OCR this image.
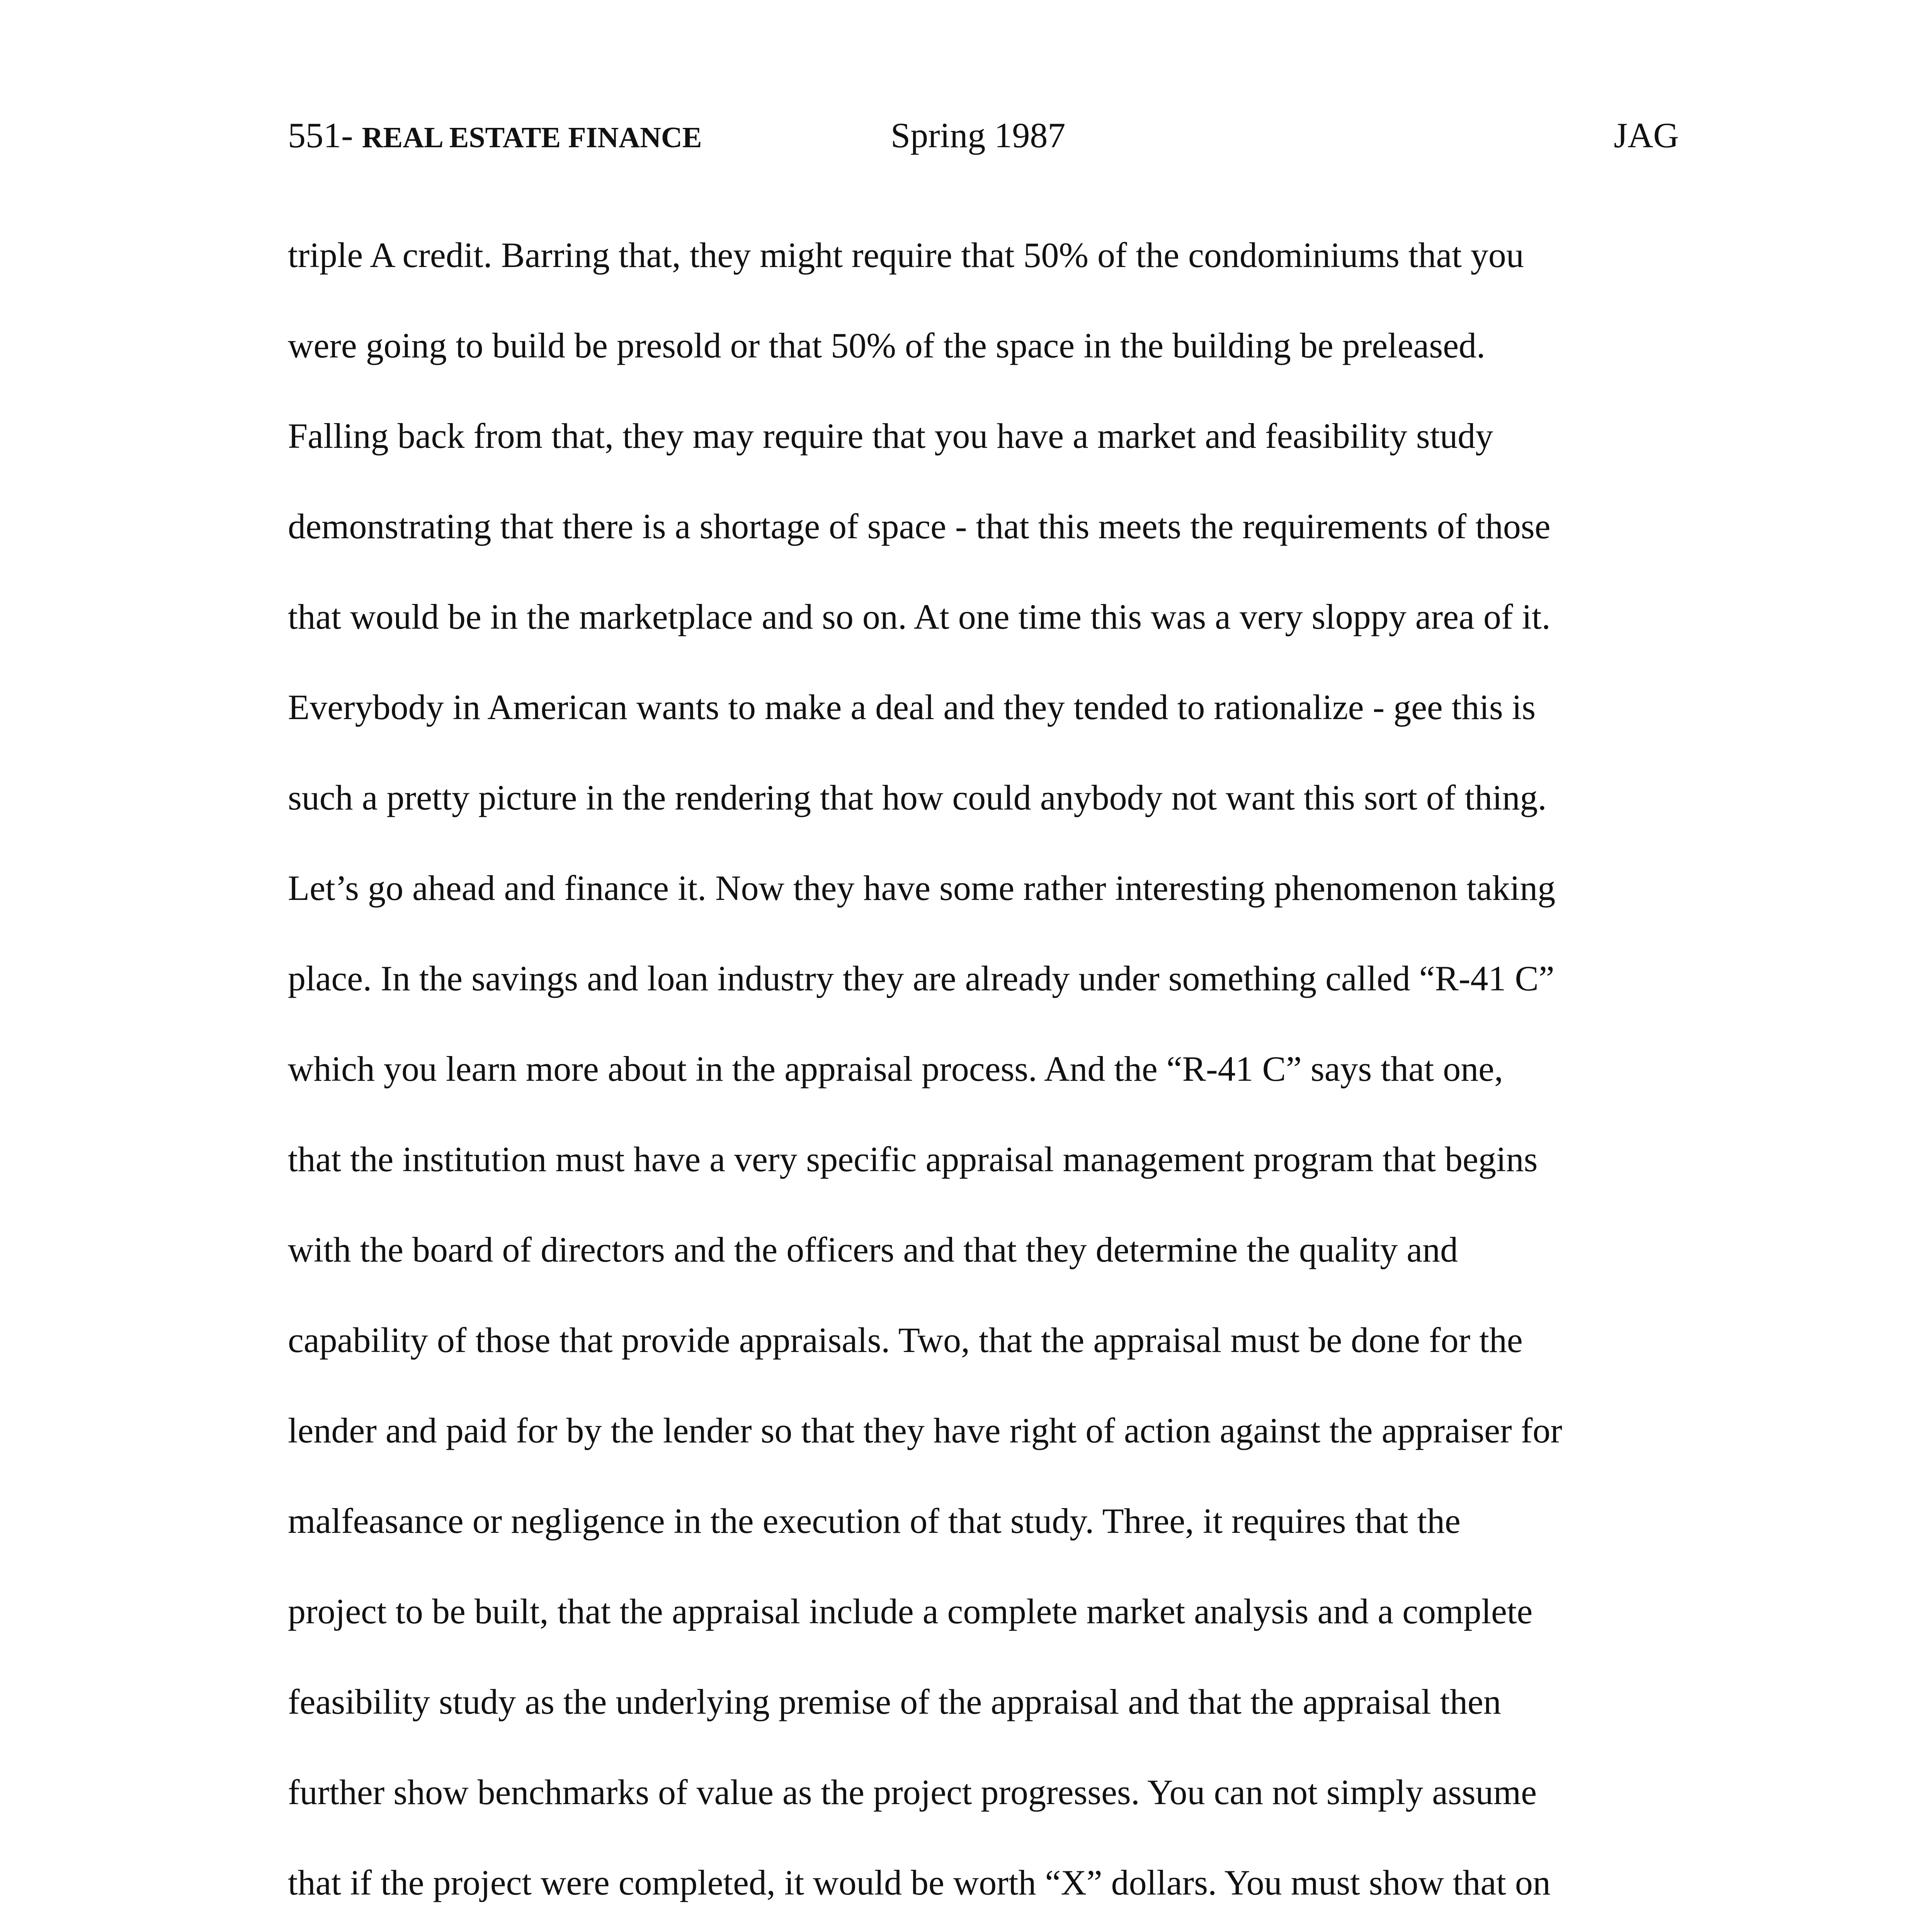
551- REAL ESTATE FINANCE	Spring 1987	JAG
triple A credit. Barring that, they might require that 50% of the condominiums that you
were going to build be presold or that 50% of the space in the building be preleased.
Falling back from that, they may require that you have a market and feasibility study
demonstrating that there is a shortage of space - that this meets the requirements of those
that would be in the marketplace and so on. At one time this was a very sloppy area of it.
Everybody in American wants to make a deal and they tended to rationalize - gee this is
such a pretty picture in the rendering that how could anybody not want this sort of thing.
Let’s go ahead and finance it. Now they have some rather interesting phenomenon taking
place. In the savings and loan industry they are already under something called “R-41 C”
which you learn more about in the appraisal process. And the “R-41 C” says that one,
that the institution must have a very specific appraisal management program that begins
with the board of directors and the officers and that they determine the quality and
capability of those that provide appraisals. Two, that the appraisal must be done for the
lender and paid for by the lender so that they have right of action against the appraiser for
malfeasance or negligence in the execution of that study. Three, it requires that the
project to be built, that the appraisal include a complete market analysis and a complete
feasibility study as the underlying premise of the appraisal and that the appraisal then
further show benchmarks of value as the project progresses. You can not simply assume
that if the project were completed, it would be worth “X” dollars. You must show that on
